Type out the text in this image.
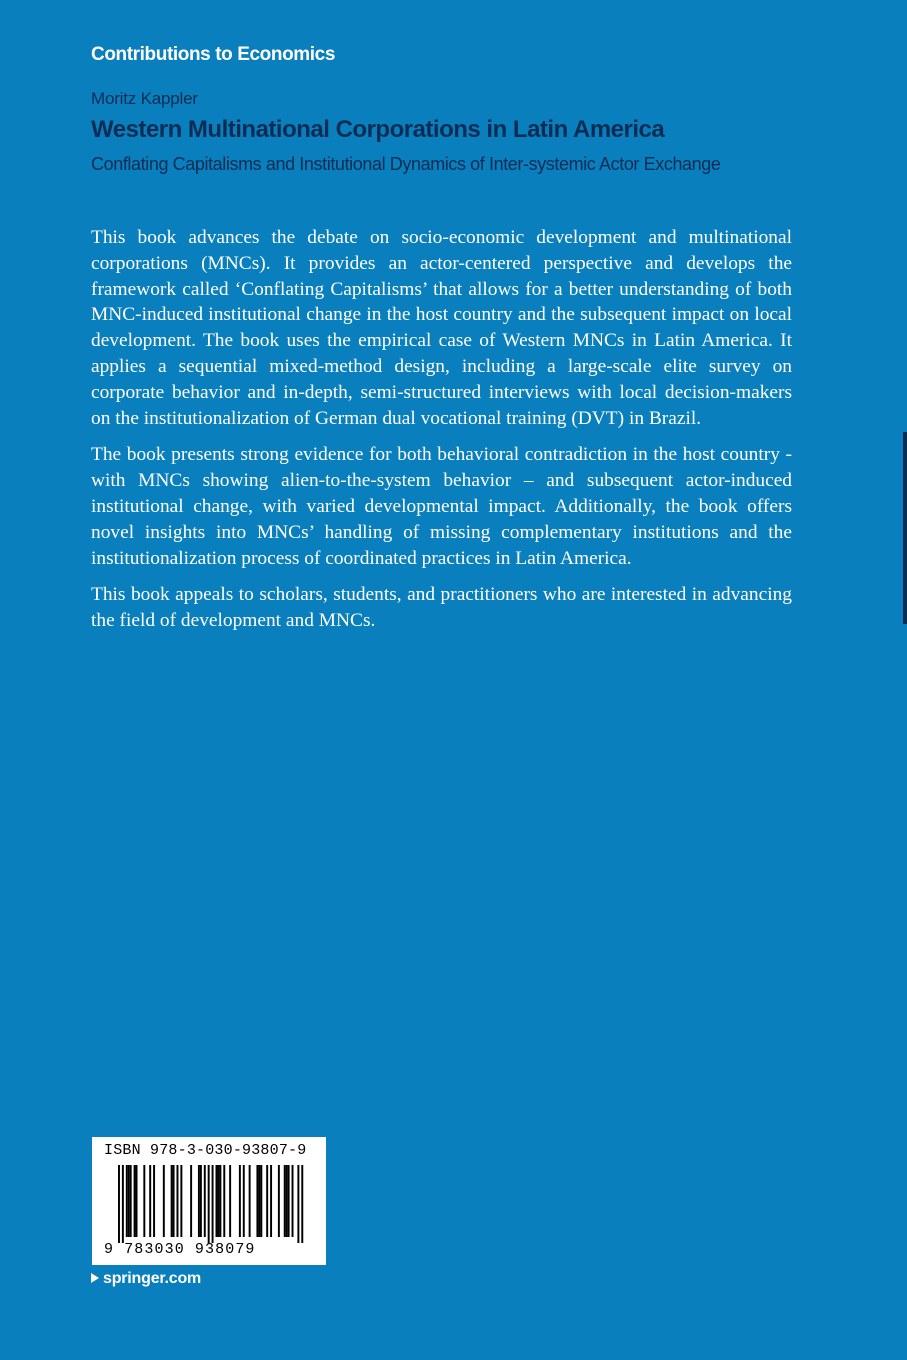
Contributions to Economics
Moritz Kappler
Western Multinational Corporations in Latin America
Conflating Capitalisms and Institutional Dynamics of Inter-systemic Actor Exchange

This book advances the debate on socio-economic development and multinational corporations (MNCs). It provides an actor-centered perspective and develops the framework called ‘Conflating Capitalisms’ that allows for a better understanding of both MNC-induced institutional change in the host country and the subsequent impact on local development. The book uses the empirical case of Western MNCs in Latin America. It applies a sequential mixed-method design, including a large-scale elite survey on corporate behavior and in-depth, semi-structured interviews with local decision-makers on the institutionalization of German dual vocational training (DVT) in Brazil.

The book presents strong evidence for both behavioral contradiction in the host country - with MNCs showing alien-to-the-system behavior – and subsequent actor-induced institutional change, with varied developmental impact. Additionally, the book offers novel insights into MNCs’ handling of missing complementary institutions and the institutionalization process of coordinated practices in Latin America.

This book appeals to scholars, students, and practitioners who are interested in advancing the field of development and MNCs.

ISBN 978-3-030-93807-9
9 783030 938079
springer.com
